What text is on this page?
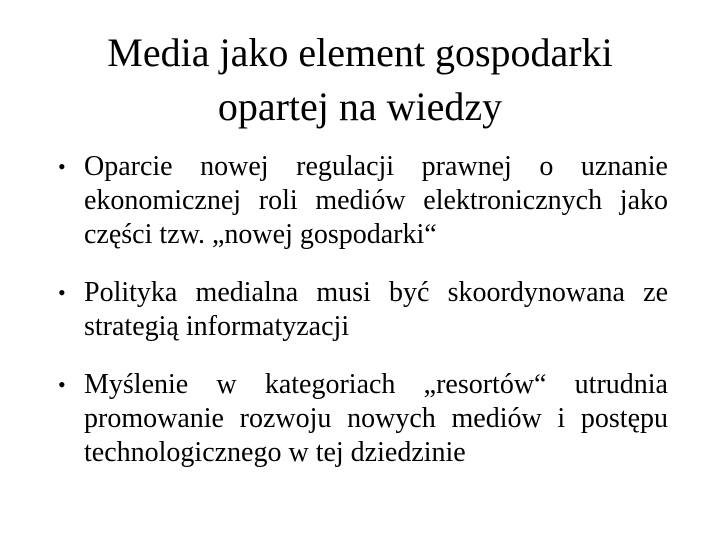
Media jako element gospodarki opartej na wiedzy
• Oparcie nowej regulacji prawnej o uznanie ekonomicznej roli mediów elektronicznych jako części tzw. „nowej gospodarki“
• Polityka medialna musi być skoordynowana ze strategią informatyzacji
• Myślenie w kategoriach „resortów“ utrudnia promowanie rozwoju nowych mediów i postępu technologicznego w tej dziedzinie
